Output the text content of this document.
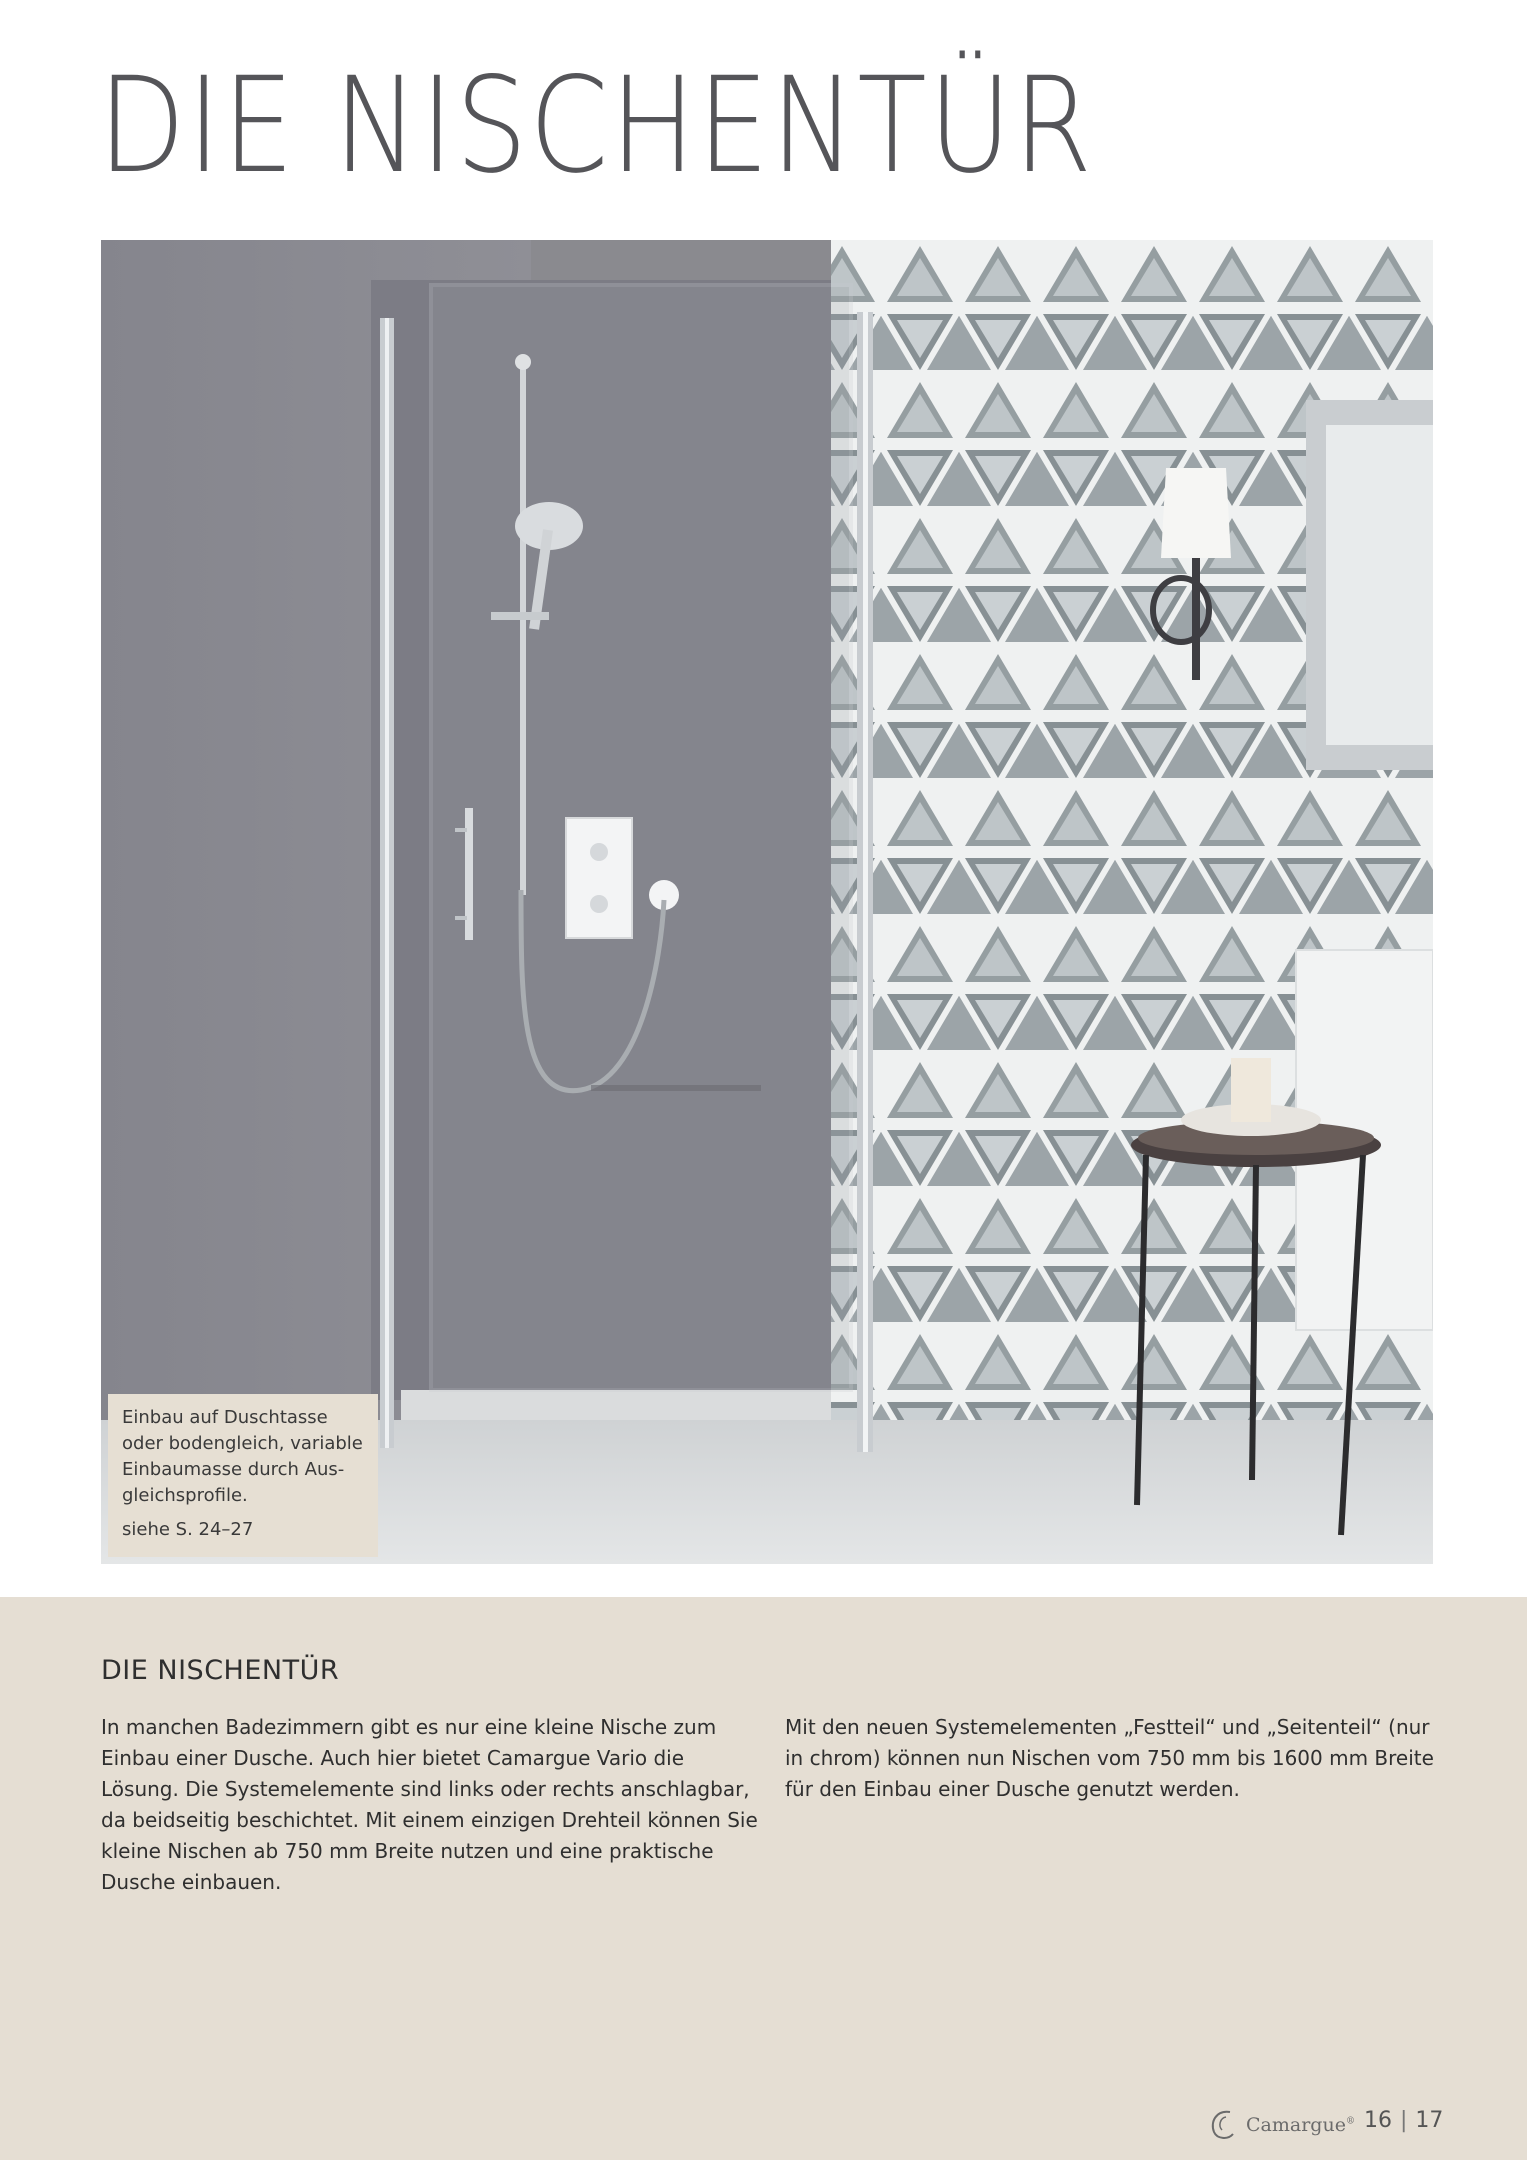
DIE NISCHENTÜR

Einbau auf Duschtasse

oder bodengleich, variable

Einbaumasse durch Aus-

gleichsprofile.

siehe S. 24–27

DIE NISCHENTÜR
In manchen Badezimmern gibt es nur eine kleine Nische zum Einbau einer Dusche. Auch hier bietet Camargue Vario die Lösung. Die Systemelemente sind links oder rechts anschlagbar, da beidseitig beschichtet. Mit einem einzigen Drehteil können Sie kleine Nischen ab 750 mm Breite nutzen und eine praktische Dusche einbauen.
Mit den neuen Systemelementen „Festteil“ und „Seitenteil“ (nur in chrom) können nun Nischen vom 750 mm bis 1600 mm Breite für den Einbau einer Dusche genutzt werden.
Camargue® 16 | 17
